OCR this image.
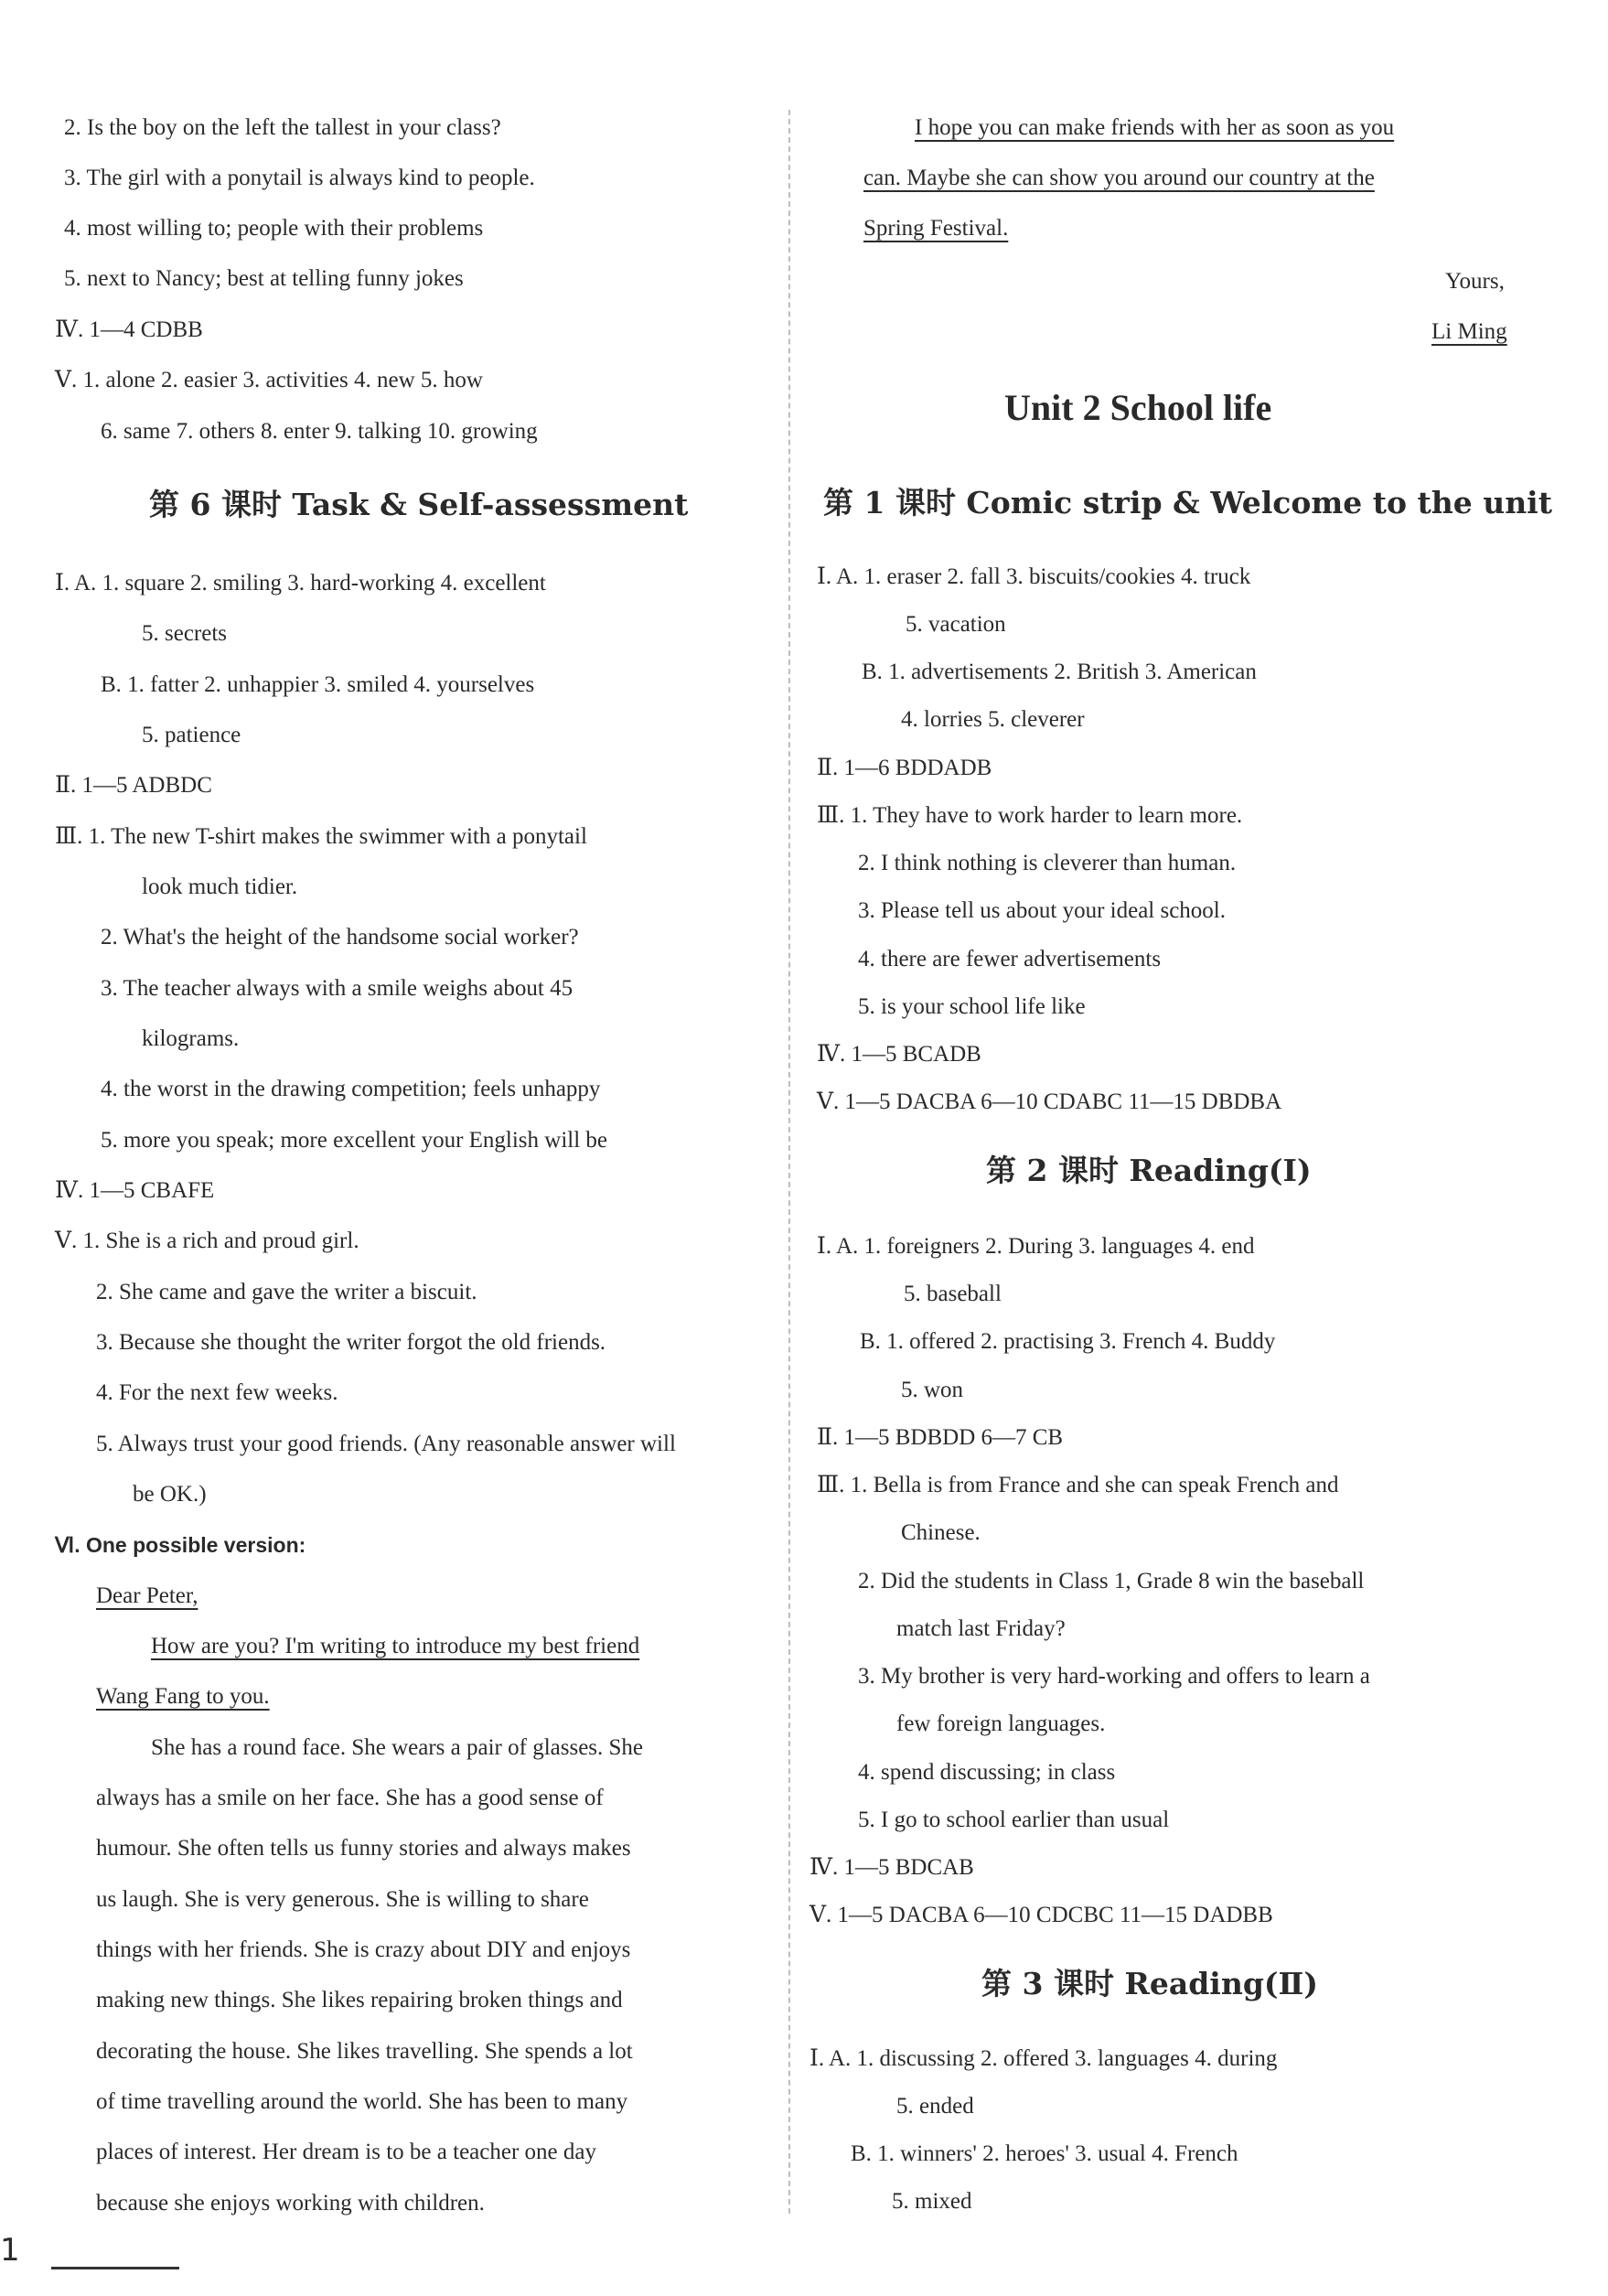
2. Is the boy on the left the tallest in your class?
3. The girl with a ponytail is always kind to people.
4. most willing to; people with their problems
5. next to Nancy; best at telling funny jokes
Ⅳ. 1—4 CDBB
Ⅴ. 1. alone 2. easier 3. activities 4. new 5. how
6. same 7. others 8. enter 9. talking 10. growing
第 6 课时 Task & Self-assessment
Ⅰ. A. 1. square 2. smiling 3. hard-working 4. excellent
5. secrets
B. 1. fatter 2. unhappier 3. smiled 4. yourselves
5. patience
Ⅱ. 1—5 ADBDC
Ⅲ. 1. The new T-shirt makes the swimmer with a ponytail
look much tidier.
2. What's the height of the handsome social worker?
3. The teacher always with a smile weighs about 45
kilograms.
4. the worst in the drawing competition; feels unhappy
5. more you speak; more excellent your English will be
Ⅳ. 1—5 CBAFE
Ⅴ. 1. She is a rich and proud girl.
2. She came and gave the writer a biscuit.
3. Because she thought the writer forgot the old friends.
4. For the next few weeks.
5. Always trust your good friends. (Any reasonable answer will
be OK.)
Ⅵ. One possible version:
Dear Peter,
How are you? I'm writing to introduce my best friend
Wang Fang to you.
She has a round face. She wears a pair of glasses. She
always has a smile on her face. She has a good sense of
humour. She often tells us funny stories and always makes
us laugh. She is very generous. She is willing to share
things with her friends. She is crazy about DIY and enjoys
making new things. She likes repairing broken things and
decorating the house. She likes travelling. She spends a lot
of time travelling around the world. She has been to many
places of interest. Her dream is to be a teacher one day
because she enjoys working with children.
I hope you can make friends with her as soon as you
can. Maybe she can show you around our country at the
Spring Festival.
Yours,
Li Ming
Unit 2 School life
第 1 课时 Comic strip & Welcome to the unit
Ⅰ. A. 1. eraser 2. fall 3. biscuits/cookies 4. truck
5. vacation
B. 1. advertisements 2. British 3. American
4. lorries 5. cleverer
Ⅱ. 1—6 BDDADB
Ⅲ. 1. They have to work harder to learn more.
2. I think nothing is cleverer than human.
3. Please tell us about your ideal school.
4. there are fewer advertisements
5. is your school life like
Ⅳ. 1—5 BCADB
Ⅴ. 1—5 DACBA 6—10 CDABC 11—15 DBDBA
第 2 课时 Reading(Ⅰ)
Ⅰ. A. 1. foreigners 2. During 3. languages 4. end
5. baseball
B. 1. offered 2. practising 3. French 4. Buddy
5. won
Ⅱ. 1—5 BDBDD 6—7 CB
Ⅲ. 1. Bella is from France and she can speak French and
Chinese.
2. Did the students in Class 1, Grade 8 win the baseball
match last Friday?
3. My brother is very hard-working and offers to learn a
few foreign languages.
4. spend discussing; in class
5. I go to school earlier than usual
Ⅳ. 1—5 BDCAB
Ⅴ. 1—5 DACBA 6—10 CDCBC 11—15 DADBB
第 3 课时 Reading(Ⅱ)
Ⅰ. A. 1. discussing 2. offered 3. languages 4. during
5. ended
B. 1. winners' 2. heroes' 3. usual 4. French
5. mixed
1
